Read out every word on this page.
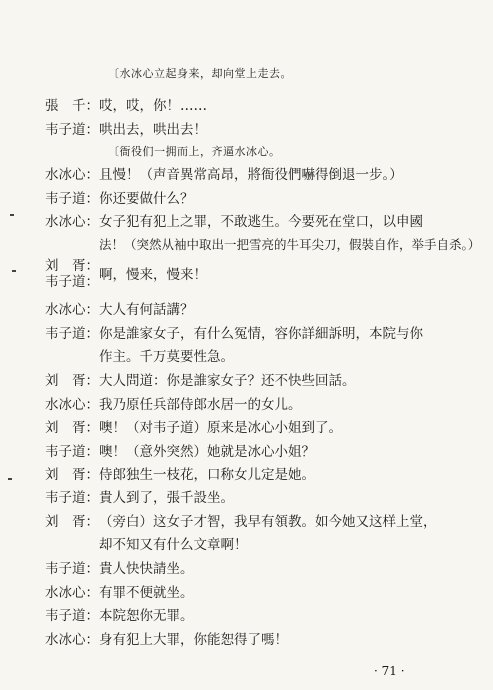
〔水冰心立起身来，却向堂上走去。
張　千：哎，哎，你！……
韦子道：哄出去，哄出去！
〔衙役们一拥而上，齐逼水冰心。
水冰心：且慢！（声音異常高昂，將衙役們嚇得倒退一步。）
韦子道：你还要做什么？
水冰心：女子犯有犯上之罪，不敢逃生。今要死在堂口，以申國
法！（突然从袖中取出一把雪亮的牛耳尖刀，假裝自作，举手自杀。）
刘　胥：
韦子道： 啊，慢来，慢来！
水冰心：大人有何話講？
韦子道：你是誰家女子，有什么冤情，容你詳細訴明，本院与你
作主。千万莫要性急。
刘　胥：大人問道：你是誰家女子？还不快些回話。
水冰心：我乃原任兵部侍郎水居一的女儿。
刘　胥：噢！（对韦子道）原来是冰心小姐到了。
韦子道：噢！（意外突然）她就是冰心小姐？
刘　胥：侍郎独生一枝花，口称女儿定是她。
韦子道：貴人到了，張千設坐。
刘　胥：（旁白）这女子才智，我早有領教。如今她又这样上堂，
却不知又有什么文章啊！
韦子道：貴人快快請坐。
水冰心：有罪不便就坐。
韦子道：本院恕你无罪。
水冰心：身有犯上大罪，你能恕得了嗎！
· 71 ·
